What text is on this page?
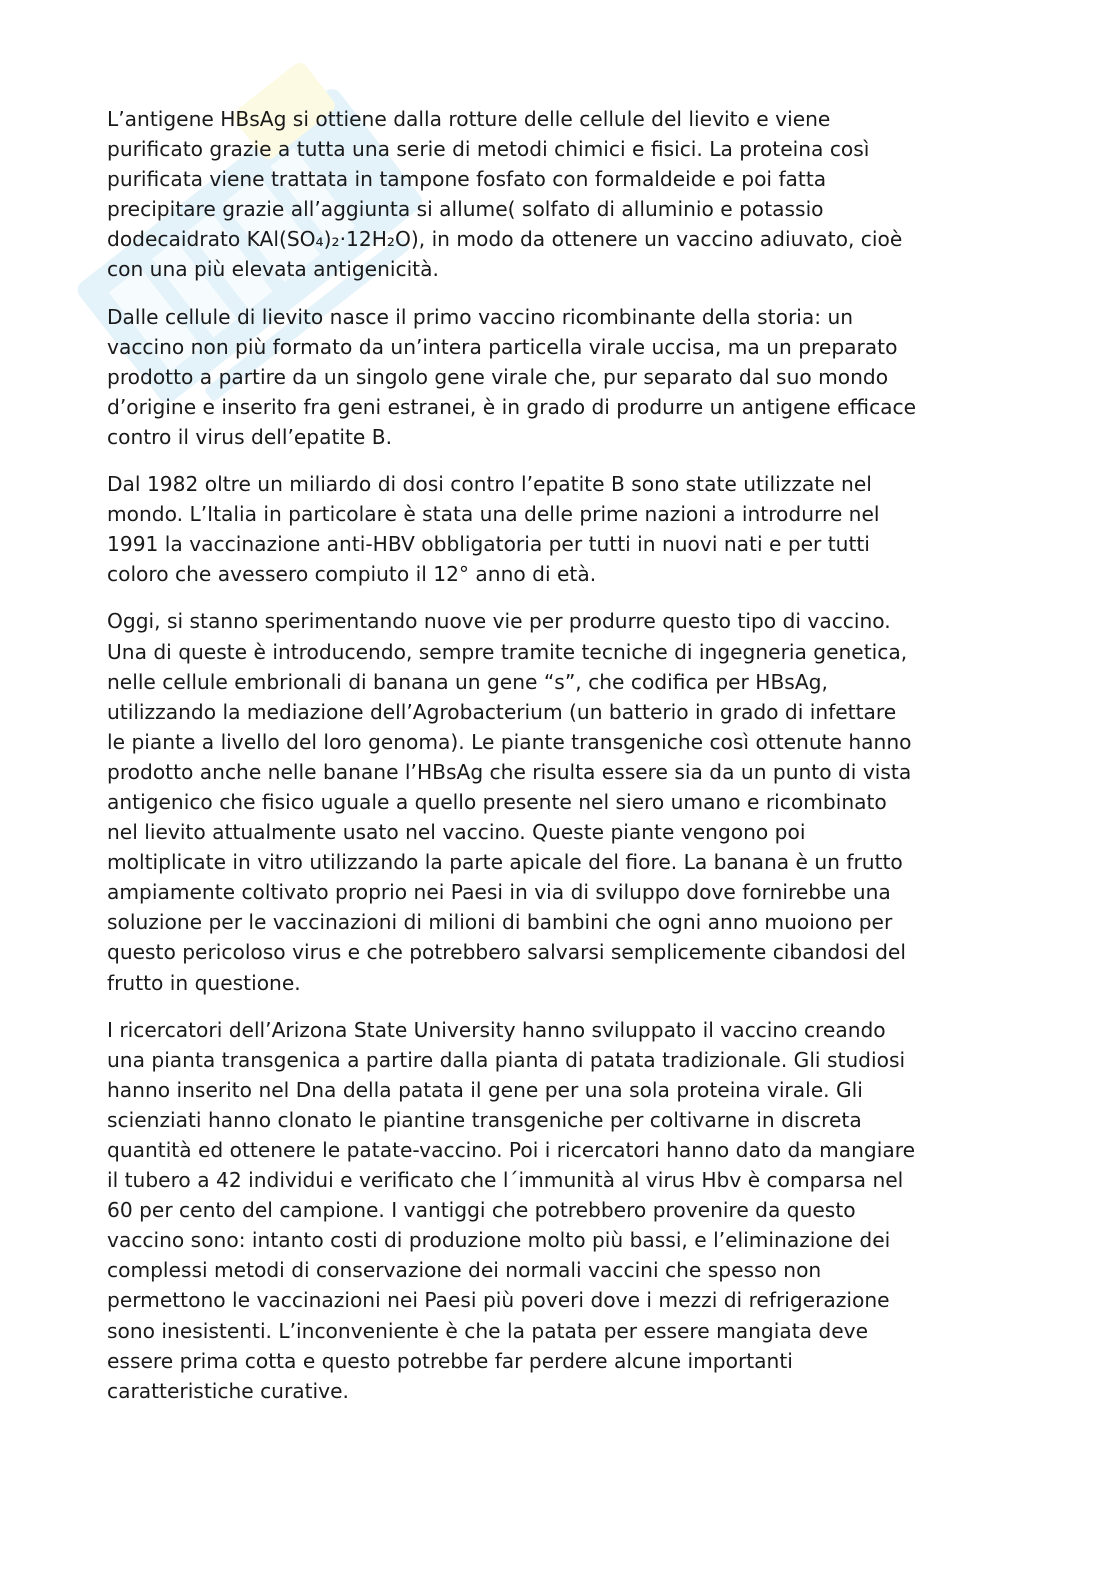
L’antigene HBsAg si ottiene dalla rotture delle cellule del lievito e viene
purificato grazie a tutta una serie di metodi chimici e fisici. La proteina così
purificata viene trattata in tampone fosfato con formaldeide e poi fatta
precipitare grazie all’aggiunta si allume( solfato di alluminio e potassio
dodecaidrato KAl(SO₄)₂·12H₂O), in modo da ottenere un vaccino adiuvato, cioè
con una più elevata antigenicità.

Dalle cellule di lievito nasce il primo vaccino ricombinante della storia: un
vaccino non più formato da un’intera particella virale uccisa, ma un preparato
prodotto a partire da un singolo gene virale che, pur separato dal suo mondo
d’origine e inserito fra geni estranei, è in grado di produrre un antigene efficace
contro il virus dell’epatite B.

Dal 1982 oltre un miliardo di dosi contro l’epatite B sono state utilizzate nel
mondo. L’Italia in particolare è stata una delle prime nazioni a introdurre nel
1991 la vaccinazione anti-HBV obbligatoria per tutti in nuovi nati e per tutti
coloro che avessero compiuto il 12° anno di età.

Oggi, si stanno sperimentando nuove vie per produrre questo tipo di vaccino.
Una di queste è introducendo, sempre tramite tecniche di ingegneria genetica,
nelle cellule embrionali di banana un gene “s”, che codifica per HBsAg,
utilizzando la mediazione dell’Agrobacterium (un batterio in grado di infettare
le piante a livello del loro genoma). Le piante transgeniche così ottenute hanno
prodotto anche nelle banane l’HBsAg che risulta essere sia da un punto di vista
antigenico che fisico uguale a quello presente nel siero umano e ricombinato
nel lievito attualmente usato nel vaccino. Queste piante vengono poi
moltiplicate in vitro utilizzando la parte apicale del fiore. La banana è un frutto
ampiamente coltivato proprio nei Paesi in via di sviluppo dove fornirebbe una
soluzione per le vaccinazioni di milioni di bambini che ogni anno muoiono per
questo pericoloso virus e che potrebbero salvarsi semplicemente cibandosi del
frutto in questione.

I ricercatori dell’Arizona State University hanno sviluppato il vaccino creando
una pianta transgenica a partire dalla pianta di patata tradizionale. Gli studiosi
hanno inserito nel Dna della patata il gene per una sola proteina virale. Gli
scienziati hanno clonato le piantine transgeniche per coltivarne in discreta
quantità ed ottenere le patate-vaccino. Poi i ricercatori hanno dato da mangiare
il tubero a 42 individui e verificato che l´immunità al virus Hbv è comparsa nel
60 per cento del campione. I vantiggi che potrebbero provenire da questo
vaccino sono: intanto costi di produzione molto più bassi, e l’eliminazione dei
complessi metodi di conservazione dei normali vaccini che spesso non
permettono le vaccinazioni nei Paesi più poveri dove i mezzi di refrigerazione
sono inesistenti. L’inconveniente è che la patata per essere mangiata deve
essere prima cotta e questo potrebbe far perdere alcune importanti
caratteristiche curative.
